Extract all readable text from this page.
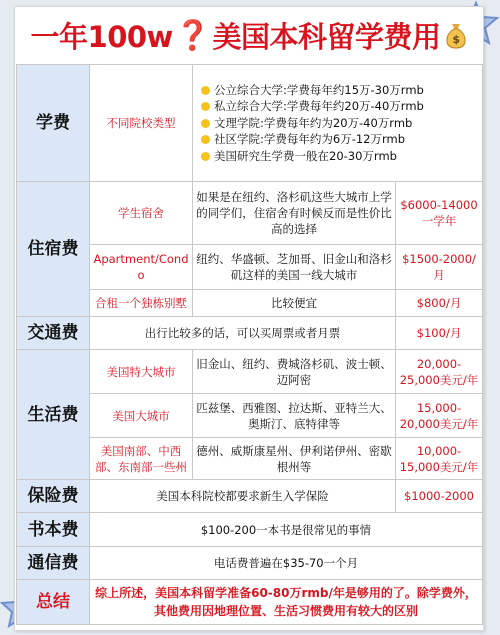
一年100w ❓ 美国本科留学费用 $
学费	不同院校类型	公立综合大学:学费每年约15万-30万rmb
私立综合大学:学费每年约20万-40万rmb
文理学院:学费每年约为20万-40万rmb
社区学院:学费每年约为6万-12万rmb
美国研究生学费一般在20-30万rmb	

住宿费	学生宿舍	如果是在纽约、洛杉矶这些大城市上学的同学们，住宿舍有时候反而是性价比高的选择	$6000-14000一学年
	Apartment/Condo	纽约、华盛顿、芝加哥、旧金山和洛杉矶这样的美国一线大城市	$1500-2000/月
	合租一个独栋别墅	比较便宜	$800/月
交通费	出行比较多的话，可以买周票或者月票		$100/月
生活费	美国特大城市	旧金山、纽约、费城洛杉矶、波士顿、迈阿密	20,000-25,000美元/年
	美国大城市	匹兹堡、西雅图、拉达斯、亚特兰大、奥斯汀、底特律等	15,000-20,000美元/年
	美国南部、中西部、东南部一些州	德州、威斯康星州、伊利诺伊州、密歇根州等	10,000-15,000美元/年
保险费	美国本科院校都要求新生入学保险		$1000-2000
书本费	$100-200一本书是很常见的事情		
通信费	电话费普遍在$35-70一个月		
总结	综上所述，美国本科留学准备60-80万rmb/年是够用的了。除学费外，其他费用因地理位置、生活习惯费用有较大的区别		
